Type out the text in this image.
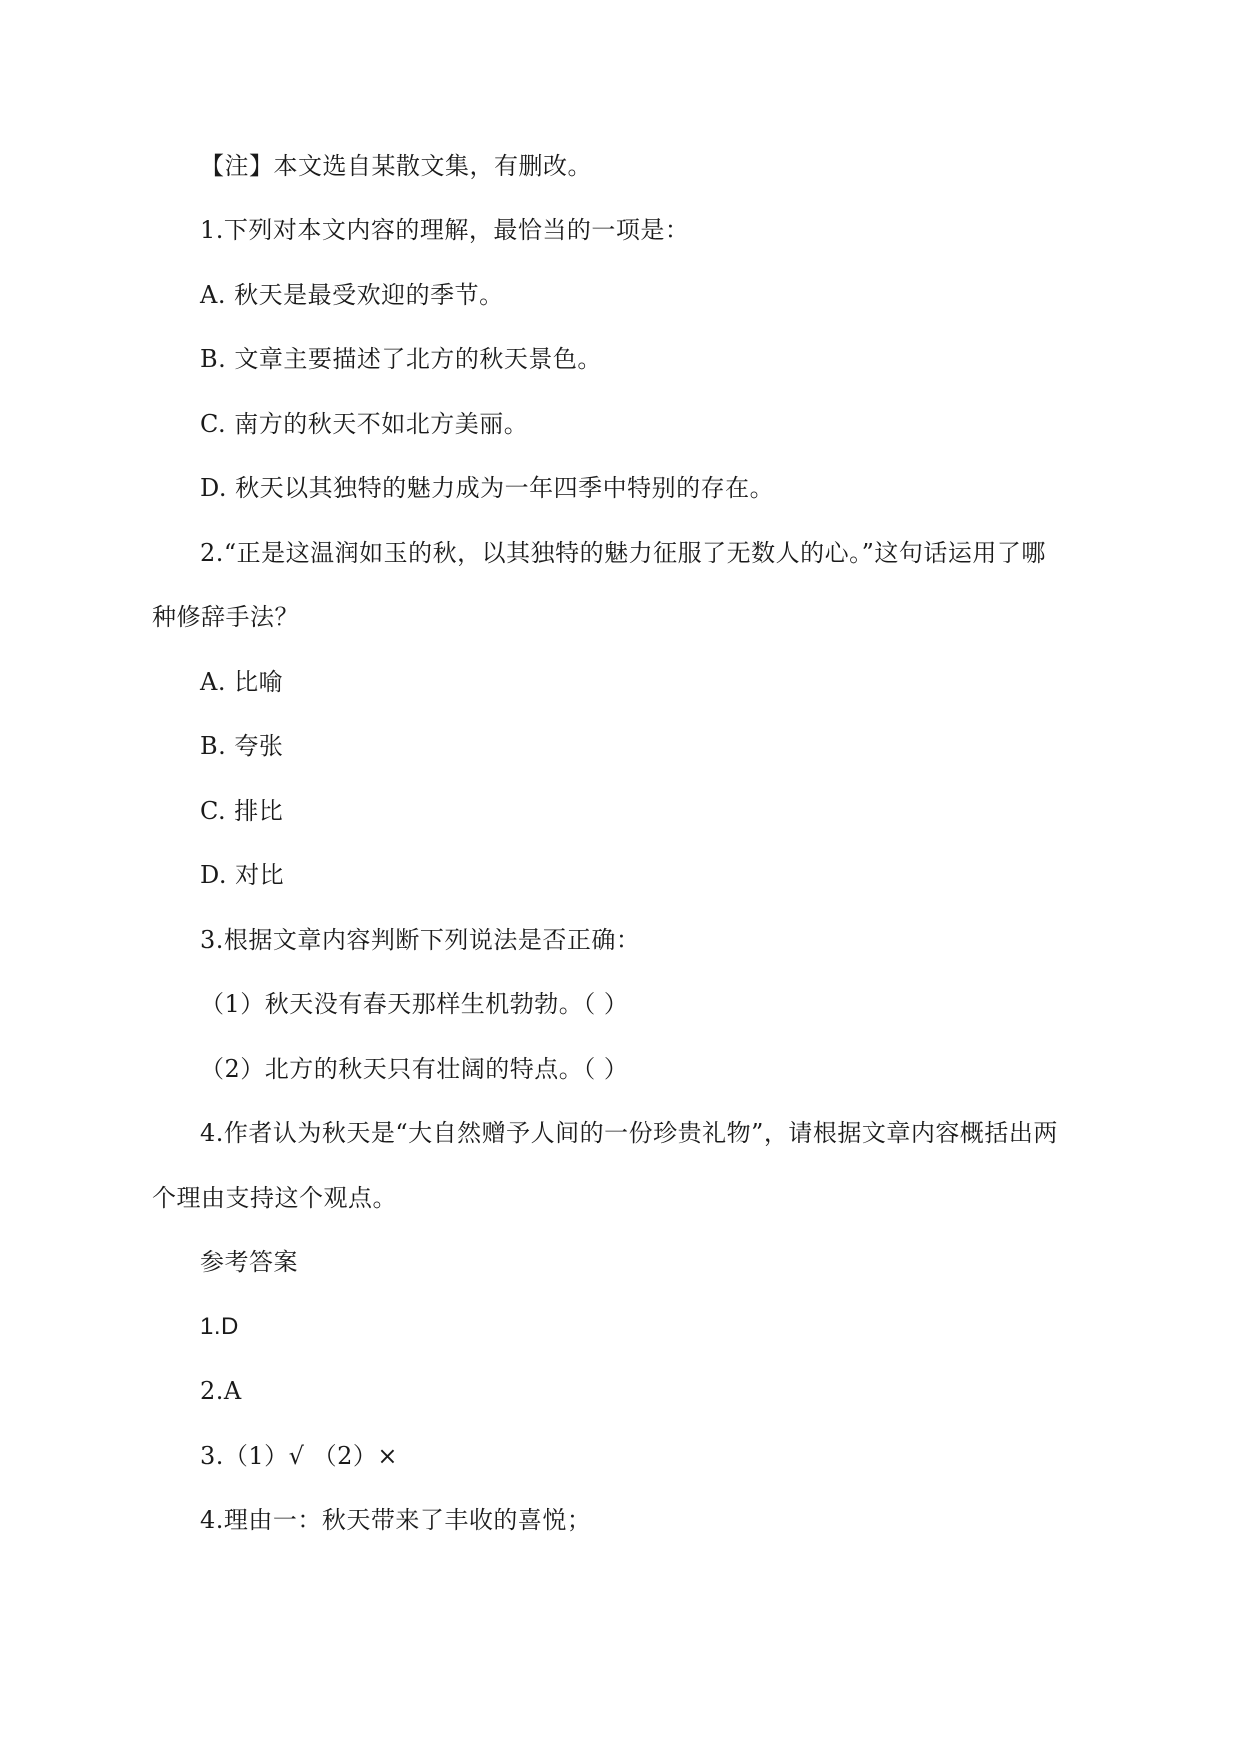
【注】本文选自某散文集，有删改。
1.下列对本文内容的理解，最恰当的一项是：
A. 秋天是最受欢迎的季节。
B. 文章主要描述了北方的秋天景色。
C. 南方的秋天不如北方美丽。
D. 秋天以其独特的魅力成为一年四季中特别的存在。
2.“正是这温润如玉的秋，以其独特的魅力征服了无数人的心。”这句话运用了哪
种修辞手法？
A. 比喻
B. 夸张
C. 排比
D. 对比
3.根据文章内容判断下列说法是否正确：
（1）秋天没有春天那样生机勃勃。（ ）
（2）北方的秋天只有壮阔的特点。（ ）
4.作者认为秋天是“大自然赠予人间的一份珍贵礼物”，请根据文章内容概括出两
个理由支持这个观点。
参考答案
1.D
2.A
3.（1）√ （2）×
4.理由一：秋天带来了丰收的喜悦；
